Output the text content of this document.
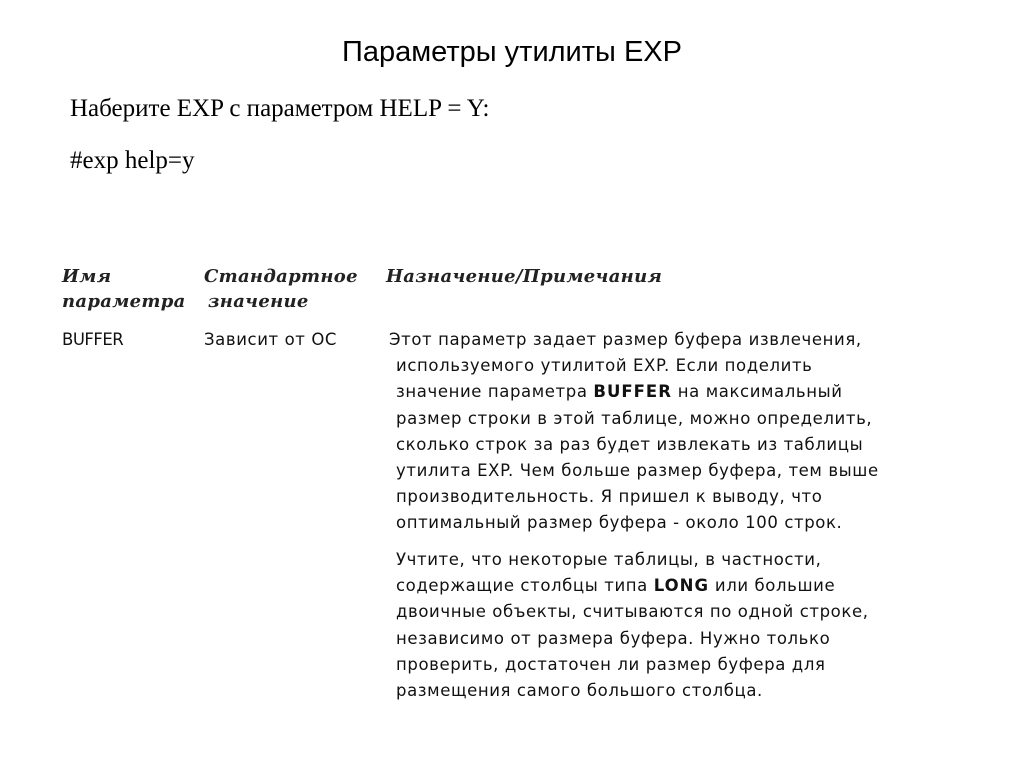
Параметры утилиты EXP
Наберите EXP с параметром HELP = Y:
#exp help=y
Имя
параметра
Стандартное
значение
Назначение/Примечания
BUFFER	Зависит от ОС	Этот параметр задает размер буфера извлечения,
используемого утилитой EXP. Если поделить
значение параметра BUFFER на максимальный
размер строки в этой таблице, можно определить,
сколько строк за раз будет извлекать из таблицы
утилита EXP. Чем больше размер буфера, тем выше
производительность. Я пришел к выводу, что
оптимальный размер буфера - около 100 строк.
Учтите, что некоторые таблицы, в частности,
содержащие столбцы типа LONG или большие
двоичные объекты, считываются по одной строке,
независимо от размера буфера. Нужно только
проверить, достаточен ли размер буфера для
размещения самого большого столбца.
